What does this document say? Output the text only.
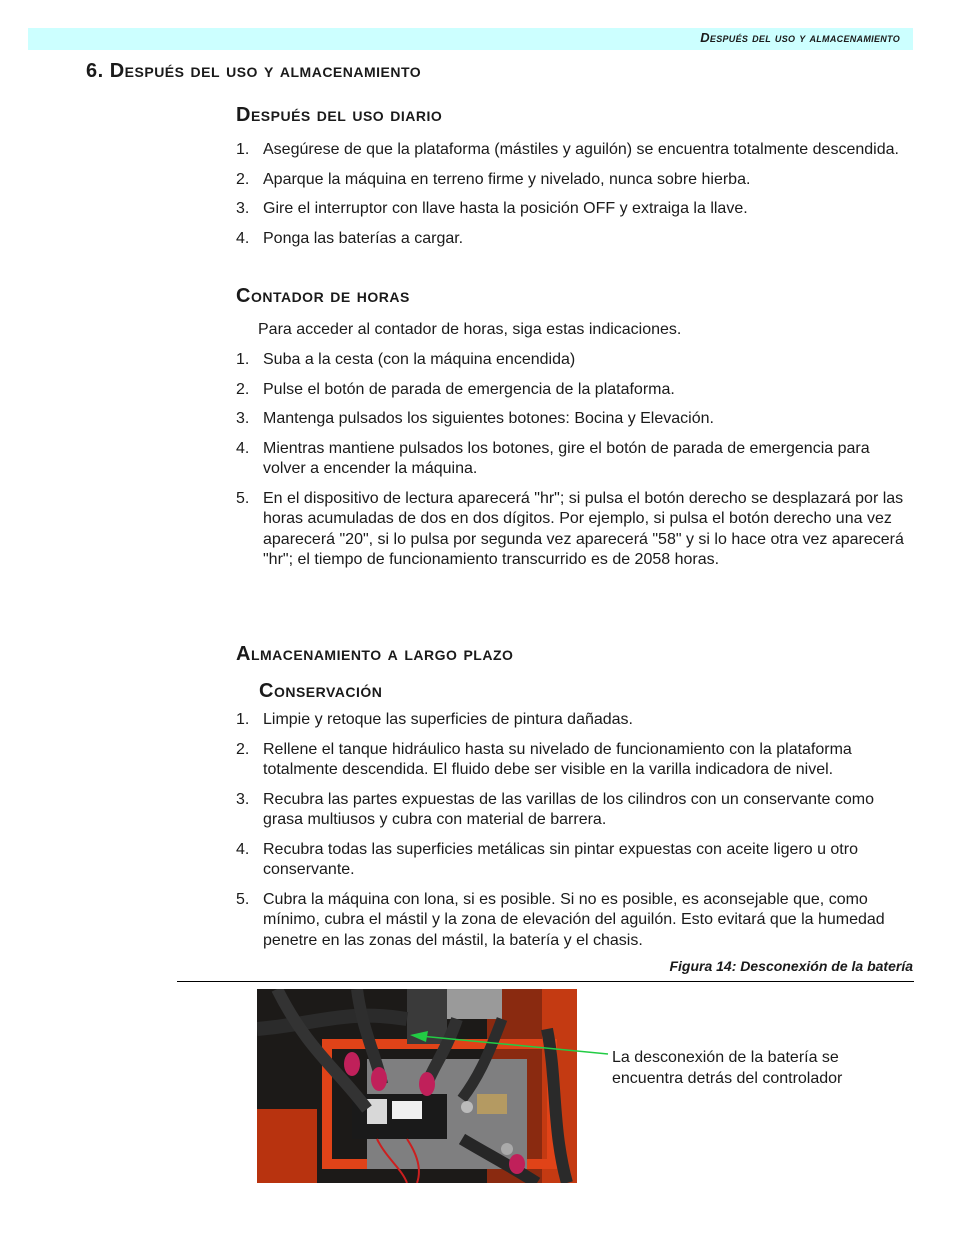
Después del uso y almacenamiento
6. Después del uso y almacenamiento
Después del uso diario
1. Asegúrese de que la plataforma (mástiles y aguilón) se encuentra totalmente descendida.
2. Aparque la máquina en terreno firme y nivelado, nunca sobre hierba.
3. Gire el interruptor con llave hasta la posición OFF y extraiga la llave.
4. Ponga las baterías a cargar.
Contador de horas
Para acceder al contador de horas, siga estas indicaciones.
1. Suba a la cesta (con la máquina encendida)
2. Pulse el botón de parada de emergencia de la plataforma.
3. Mantenga pulsados los siguientes botones: Bocina y Elevación.
4. Mientras mantiene pulsados los botones, gire el botón de parada de emergencia para volver a encender la máquina.
5. En el dispositivo de lectura aparecerá "hr"; si pulsa el botón derecho se desplazará por las horas acumuladas de dos en dos dígitos. Por ejemplo, si pulsa el botón derecho una vez aparecerá "20", si lo pulsa por segunda vez aparecerá "58" y si lo hace otra vez aparecerá "hr"; el tiempo de funcionamiento transcurrido es de 2058 horas.
Almacenamiento a largo plazo
Conservación
1. Limpie y retoque las superficies de pintura dañadas.
2. Rellene el tanque hidráulico hasta su nivelado de funcionamiento con la plataforma totalmente descendida. El fluido debe ser visible en la varilla indicadora de nivel.
3. Recubra las partes expuestas de las varillas de los cilindros con un conservante como grasa multiusos y cubra con material de barrera.
4. Recubra todas las superficies metálicas sin pintar expuestas con aceite ligero u otro conservante.
5. Cubra la máquina con lona, si es posible. Si no es posible, es aconsejable que, como mínimo, cubra el mástil y la zona de elevación del aguilón. Esto evitará que la humedad penetre en las zonas del mástil, la batería y el chasis.
Figura 14: Desconexión de la batería
La desconexión de la batería se encuentra detrás del controlador
